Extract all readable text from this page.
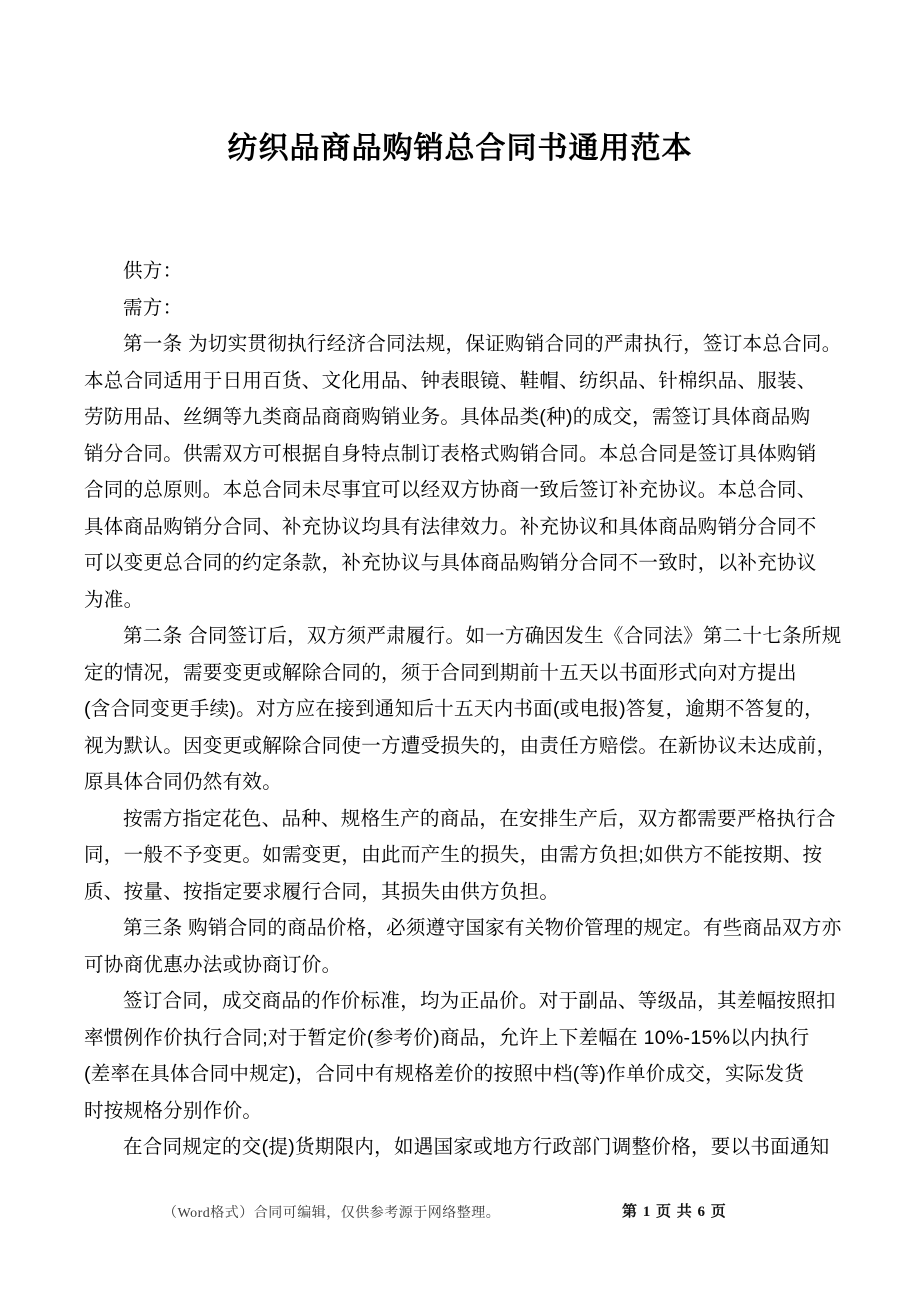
纺织品商品购销总合同书通用范本
供方：
需方：
第一条 为切实贯彻执行经济合同法规，保证购销合同的严肃执行，签订本总合同。
本总合同适用于日用百货、文化用品、钟表眼镜、鞋帽、纺织品、针棉织品、服装、
劳防用品、丝绸等九类商品商商购销业务。具体品类(种)的成交，需签订具体商品购
销分合同。供需双方可根据自身特点制订表格式购销合同。本总合同是签订具体购销
合同的总原则。本总合同未尽事宜可以经双方协商一致后签订补充协议。本总合同、
具体商品购销分合同、补充协议均具有法律效力。补充协议和具体商品购销分合同不
可以变更总合同的约定条款，补充协议与具体商品购销分合同不一致时，以补充协议
为准。
第二条 合同签订后，双方须严肃履行。如一方确因发生《合同法》第二十七条所规
定的情况，需要变更或解除合同的，须于合同到期前十五天以书面形式向对方提出
(含合同变更手续)。对方应在接到通知后十五天内书面(或电报)答复，逾期不答复的，
视为默认。因变更或解除合同使一方遭受损失的，由责任方赔偿。在新协议未达成前，
原具体合同仍然有效。
按需方指定花色、品种、规格生产的商品，在安排生产后，双方都需要严格执行合
同，一般不予变更。如需变更，由此而产生的损失，由需方负担;如供方不能按期、按
质、按量、按指定要求履行合同，其损失由供方负担。
第三条 购销合同的商品价格，必须遵守国家有关物价管理的规定。有些商品双方亦
可协商优惠办法或协商订价。
签订合同，成交商品的作价标准，均为正品价。对于副品、等级品，其差幅按照扣
率惯例作价执行合同;对于暂定价(参考价)商品，允许上下差幅在 10%-15%以内执行
(差率在具体合同中规定)，合同中有规格差价的按照中档(等)作单价成交，实际发货
时按规格分别作价。
在合同规定的交(提)货期限内，如遇国家或地方行政部门调整价格，要以书面通知
（Word格式）合同可编辑，仅供参考源于网络整理。	第 1 页 共 6 页
